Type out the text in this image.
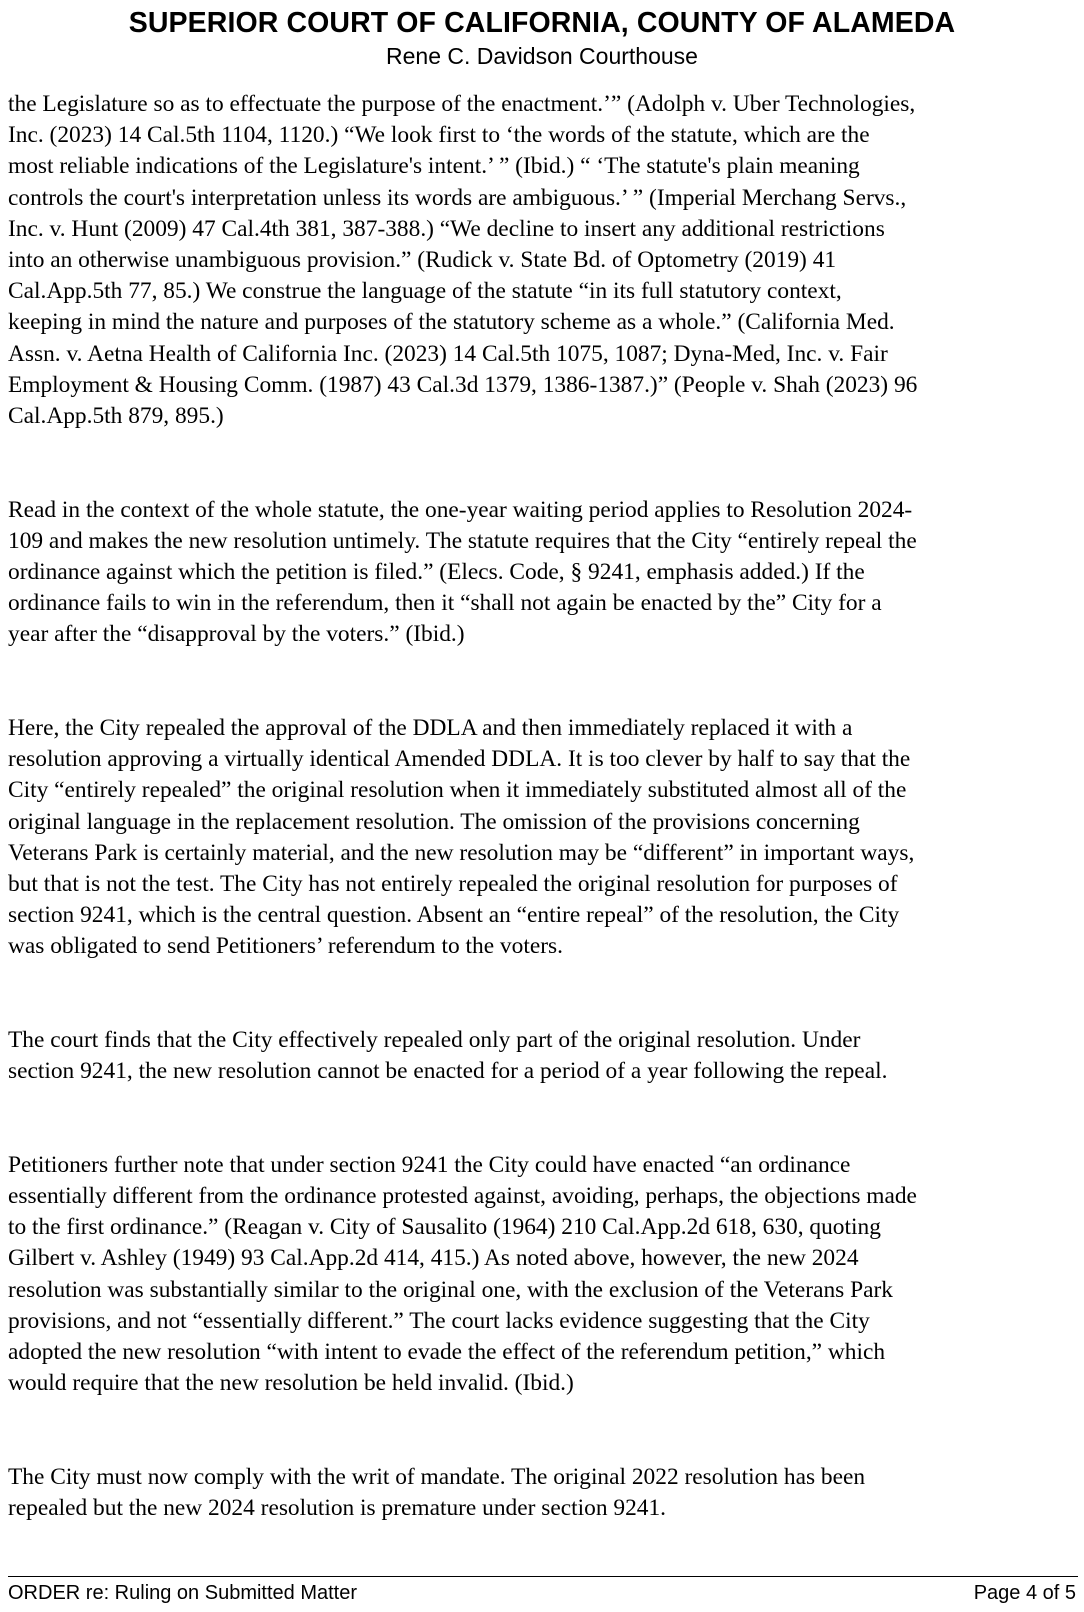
SUPERIOR COURT OF CALIFORNIA, COUNTY OF ALAMEDA
Rene C. Davidson Courthouse

the Legislature so as to effectuate the purpose of the enactment.’” (Adolph v. Uber Technologies,
Inc. (2023) 14 Cal.5th 1104, 1120.) “We look first to ‘the words of the statute, which are the
most reliable indications of the Legislature's intent.’ ” (Ibid.) “ ‘The statute's plain meaning
controls the court's interpretation unless its words are ambiguous.’ ” (Imperial Merchang Servs.,
Inc. v. Hunt (2009) 47 Cal.4th 381, 387-388.) “We decline to insert any additional restrictions
into an otherwise unambiguous provision.” (Rudick v. State Bd. of Optometry (2019) 41
Cal.App.5th 77, 85.) We construe the language of the statute “in its full statutory context,
keeping in mind the nature and purposes of the statutory scheme as a whole.” (California Med.
Assn. v. Aetna Health of California Inc. (2023) 14 Cal.5th 1075, 1087; Dyna-Med, Inc. v. Fair
Employment & Housing Comm. (1987) 43 Cal.3d 1379, 1386-1387.)” (People v. Shah (2023) 96
Cal.App.5th 879, 895.)

Read in the context of the whole statute, the one-year waiting period applies to Resolution 2024-
109 and makes the new resolution untimely. The statute requires that the City “entirely repeal the
ordinance against which the petition is filed.” (Elecs. Code, § 9241, emphasis added.) If the
ordinance fails to win in the referendum, then it “shall not again be enacted by the” City for a
year after the “disapproval by the voters.” (Ibid.)

Here, the City repealed the approval of the DDLA and then immediately replaced it with a
resolution approving a virtually identical Amended DDLA. It is too clever by half to say that the
City “entirely repealed” the original resolution when it immediately substituted almost all of the
original language in the replacement resolution. The omission of the provisions concerning
Veterans Park is certainly material, and the new resolution may be “different” in important ways,
but that is not the test. The City has not entirely repealed the original resolution for purposes of
section 9241, which is the central question. Absent an “entire repeal” of the resolution, the City
was obligated to send Petitioners’ referendum to the voters.

The court finds that the City effectively repealed only part of the original resolution. Under
section 9241, the new resolution cannot be enacted for a period of a year following the repeal.

Petitioners further note that under section 9241 the City could have enacted “an ordinance
essentially different from the ordinance protested against, avoiding, perhaps, the objections made
to the first ordinance.” (Reagan v. City of Sausalito (1964) 210 Cal.App.2d 618, 630, quoting
Gilbert v. Ashley (1949) 93 Cal.App.2d 414, 415.) As noted above, however, the new 2024
resolution was substantially similar to the original one, with the exclusion of the Veterans Park
provisions, and not “essentially different.” The court lacks evidence suggesting that the City
adopted the new resolution “with intent to evade the effect of the referendum petition,” which
would require that the new resolution be held invalid. (Ibid.)

The City must now comply with the writ of mandate. The original 2022 resolution has been
repealed but the new 2024 resolution is premature under section 9241.

ORDER re: Ruling on Submitted Matter	Page 4 of 5
